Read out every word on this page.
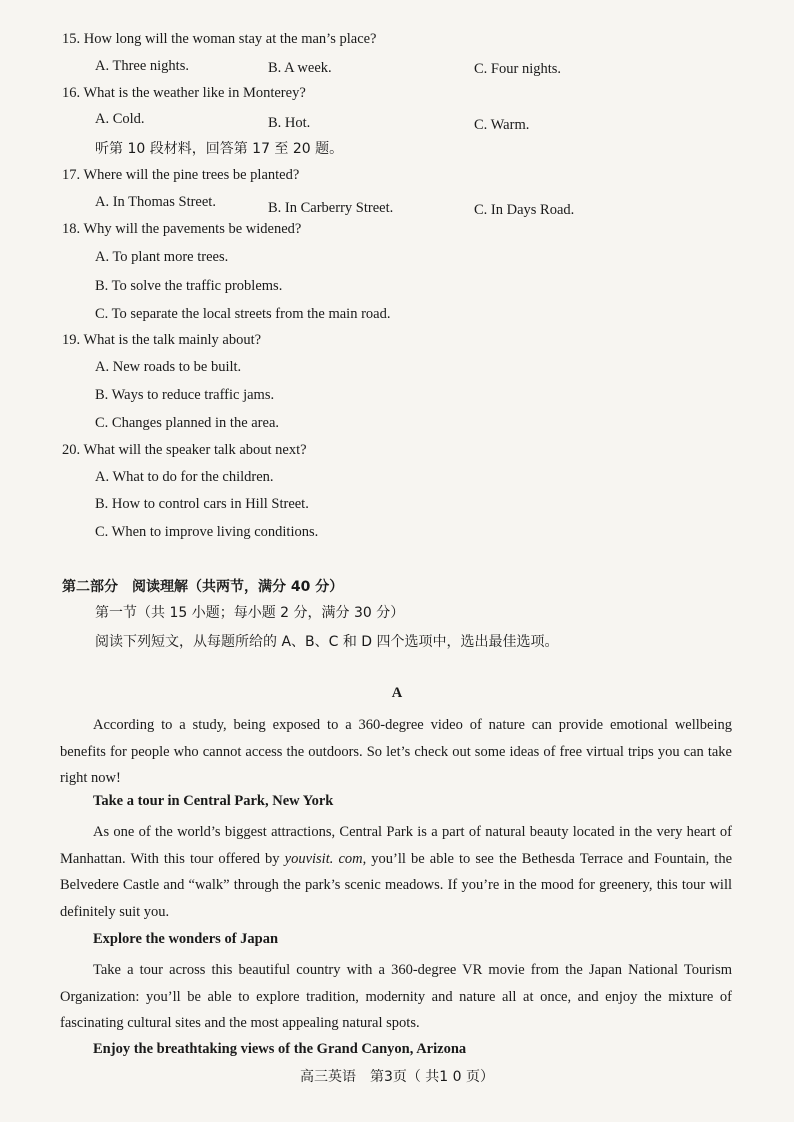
15. How long will the woman stay at the man’s place?
A. Three nights.	B. A week.	C. Four nights.
16. What is the weather like in Monterey?
A. Cold.	B. Hot.	C. Warm.
听第 10 段材料，回答第 17 至 20 题。
17. Where will the pine trees be planted?
A. In Thomas Street.	B. In Carberry Street.	C. In Days Road.
18. Why will the pavements be widened?
A. To plant more trees.
B. To solve the traffic problems.
C. To separate the local streets from the main road.
19. What is the talk mainly about?
A. New roads to be built.
B. Ways to reduce traffic jams.
C. Changes planned in the area.
20. What will the speaker talk about next?
A. What to do for the children.
B. How to control cars in Hill Street.
C. When to improve living conditions.
第二部分　阅读理解（共两节，满分 40 分）
第一节（共 15 小题；每小题 2 分，满分 30 分）
阅读下列短文，从每题所给的 A、B、C 和 D 四个选项中，选出最佳选项。
A
According to a study, being exposed to a 360-degree video of nature can provide emotional wellbeing benefits for people who cannot access the outdoors. So let’s check out some ideas of free virtual trips you can take right now!
Take a tour in Central Park, New York
As one of the world’s biggest attractions, Central Park is a part of natural beauty located in the very heart of Manhattan. With this tour offered by youvisit. com, you’ll be able to see the Bethesda Terrace and Fountain, the Belvedere Castle and “walk” through the park’s scenic meadows. If you’re in the mood for greenery, this tour will definitely suit you.
Explore the wonders of Japan
Take a tour across this beautiful country with a 360-degree VR movie from the Japan National Tourism Organization: you’ll be able to explore tradition, modernity and nature all at once, and enjoy the mixture of fascinating cultural sites and the most appealing natural spots.
Enjoy the breathtaking views of the Grand Canyon, Arizona
高三英语　第3页（ 共1 0 页）
